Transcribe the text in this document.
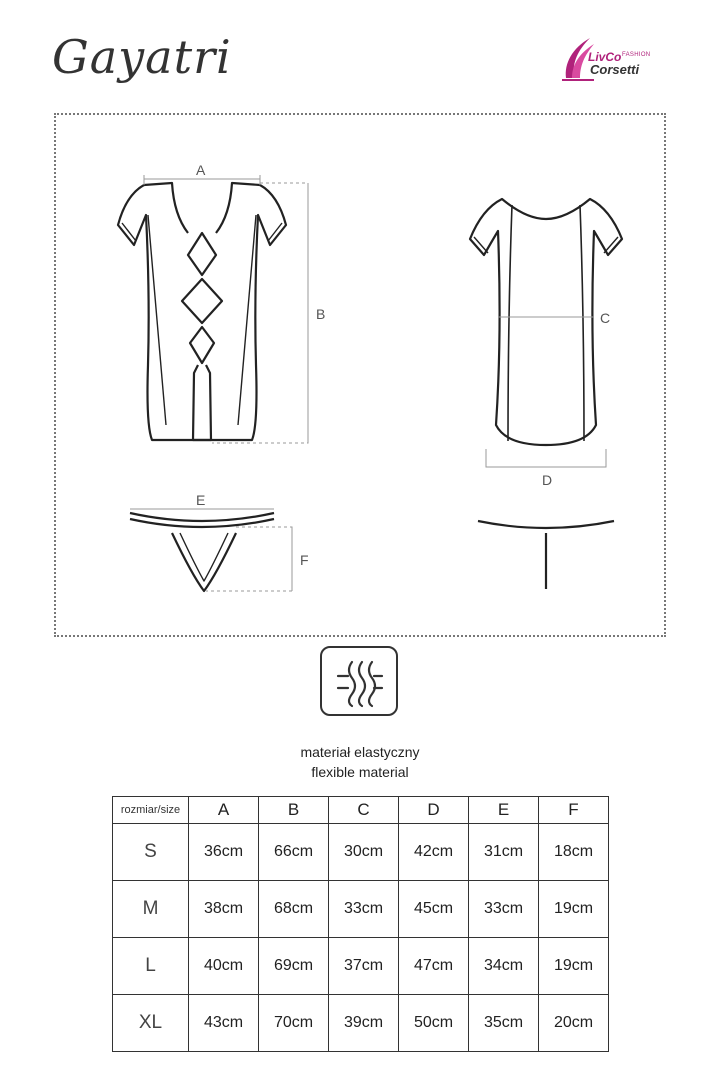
Gayatri	LivCo FASHION
Corsetti
A
B	C
D
E
F
materiał elastyczny
flexible material
rozmiar/size	A	B	C	D	E	F
S	36cm	66cm	30cm	42cm	31cm	18cm
M	38cm	68cm	33cm	45cm	33cm	19cm
L	40cm	69cm	37cm	47cm	34cm	19cm
XL	43cm	70cm	39cm	50cm	35cm	20cm
